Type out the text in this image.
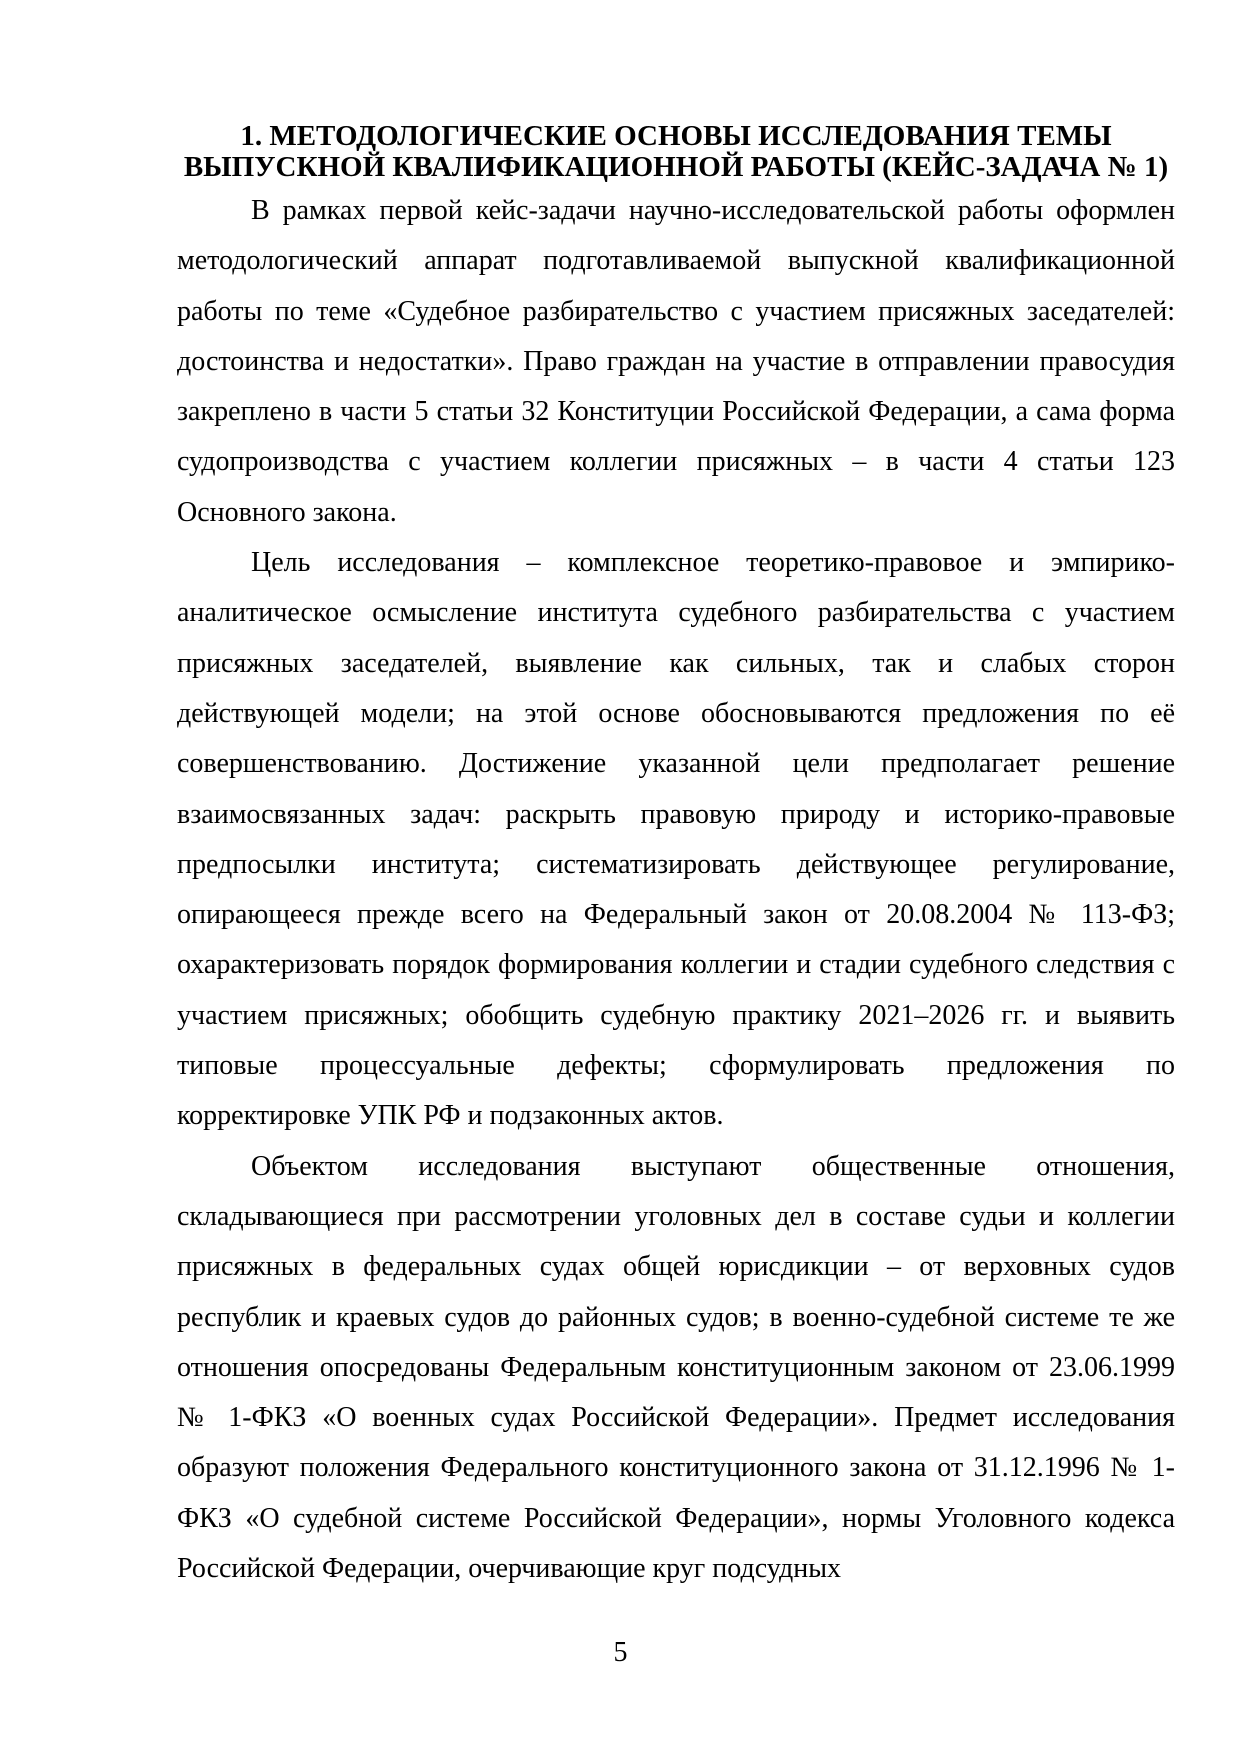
1. МЕТОДОЛОГИЧЕСКИЕ ОСНОВЫ ИССЛЕДОВАНИЯ ТЕМЫ
ВЫПУСКНОЙ КВАЛИФИКАЦИОННОЙ РАБОТЫ (КЕЙС-ЗАДАЧА № 1)

В рамках первой кейс-задачи научно-исследовательской работы оформлен методологический аппарат подготавливаемой выпускной квалификационной работы по теме «Судебное разбирательство с участием присяжных заседателей: достоинства и недостатки». Право граждан на участие в отправлении правосудия закреплено в части 5 статьи 32 Конституции Российской Федерации, а сама форма судопроизводства с участием коллегии присяжных – в части 4 статьи 123 Основного закона.

Цель исследования – комплексное теоретико-правовое и эмпирико-аналитическое осмысление института судебного разбирательства с участием присяжных заседателей, выявление как сильных, так и слабых сторон действующей модели; на этой основе обосновываются предложения по её совершенствованию. Достижение указанной цели предполагает решение взаимосвязанных задач: раскрыть правовую природу и историко-правовые предпосылки института; систематизировать действующее регулирование, опирающееся прежде всего на Федеральный закон от 20.08.2004 № 113-ФЗ; охарактеризовать порядок формирования коллегии и стадии судебного следствия с участием присяжных; обобщить судебную практику 2021–2026 гг. и выявить типовые процессуальные дефекты; сформулировать предложения по корректировке УПК РФ и подзаконных актов.

Объектом исследования выступают общественные отношения, складывающиеся при рассмотрении уголовных дел в составе судьи и коллегии присяжных в федеральных судах общей юрисдикции – от верховных судов республик и краевых судов до районных судов; в военно-судебной системе те же отношения опосредованы Федеральным конституционным законом от 23.06.1999 № 1-ФКЗ «О военных судах Российской Федерации». Предмет исследования образуют положения Федерального конституционного закона от 31.12.1996 № 1-ФКЗ «О судебной системе Российской Федерации», нормы Уголовного кодекса Российской Федерации, очерчивающие круг подсудных

5
